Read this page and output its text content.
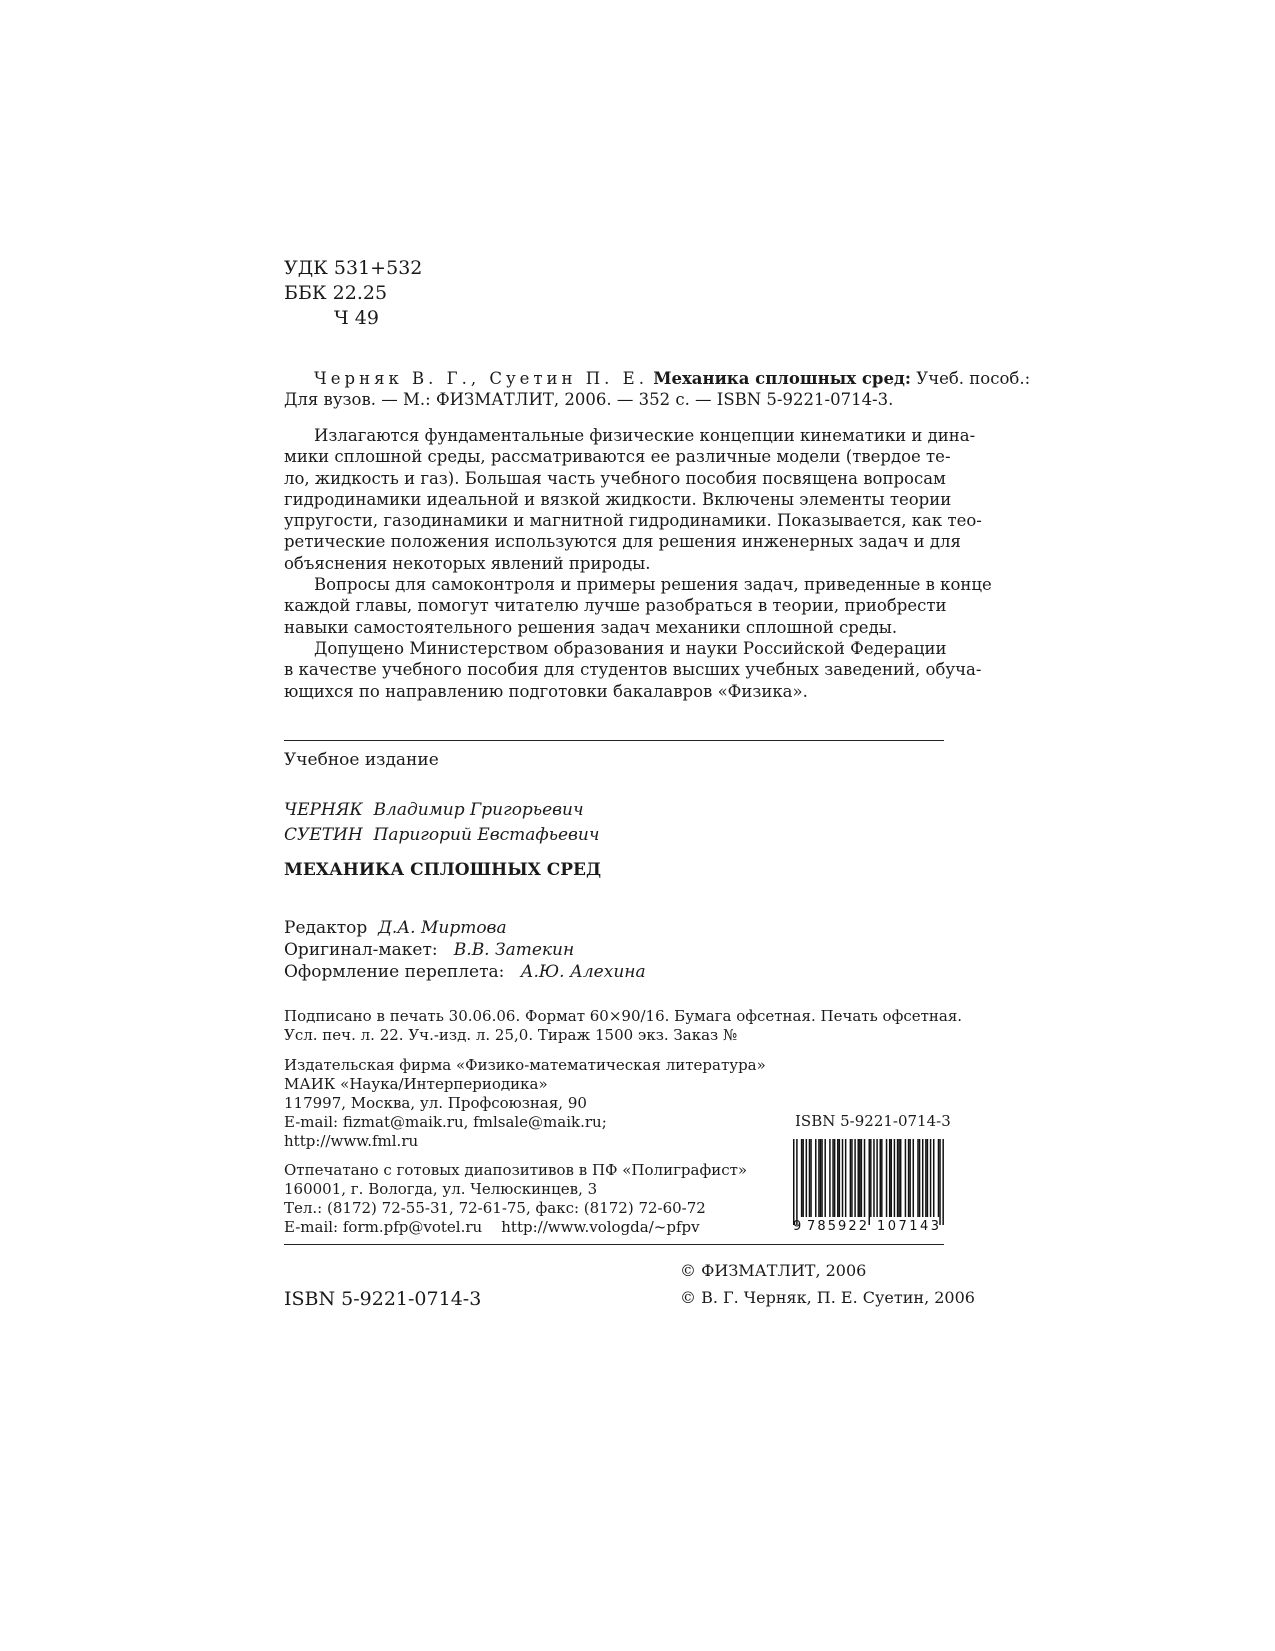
УДК 531+532
ББК 22.25
Ч 49
Черняк В. Г., Суетин П. Е. Механика сплошных сред: Учеб. пособ.:
Для вузов. — М.: ФИЗМАТЛИТ, 2006. — 352 с. — ISBN 5-9221-0714-3.
Излагаются фундаментальные физические концепции кинематики и дина-
мики сплошной среды, рассматриваются ее различные модели (твердое те-
ло, жидкость и газ). Большая часть учебного пособия посвящена вопросам
гидродинамики идеальной и вязкой жидкости. Включены элементы теории
упругости, газодинамики и магнитной гидродинамики. Показывается, как тео-
ретические положения используются для решения инженерных задач и для
объяснения некоторых явлений природы.
Вопросы для самоконтроля и примеры решения задач, приведенные в конце
каждой главы, помогут читателю лучше разобраться в теории, приобрести
навыки самостоятельного решения задач механики сплошной среды.
Допущено Министерством образования и науки Российской Федерации
в качестве учебного пособия для студентов высших учебных заведений, обуча-
ющихся по направлению подготовки бакалавров «Физика».
Учебное издание
ЧЕРНЯК Владимир Григорьевич
СУЕТИН Паригорий Евстафьевич
МЕХАНИКА СПЛОШНЫХ СРЕД
Редактор Д.А. Миртова
Оригинал-макет: В.В. Затекин
Оформление переплета: А.Ю. Алехина
Подписано в печать 30.06.06. Формат 60×90/16. Бумага офсетная. Печать офсетная.
Усл. печ. л. 22. Уч.-изд. л. 25,0. Тираж 1500 экз. Заказ №
Издательская фирма «Физико-математическая литература»
МАИК «Наука/Интерпериодика»
117997, Москва, ул. Профсоюзная, 90
E-mail: fizmat@maik.ru, fmlsale@maik.ru;
http://www.fml.ru
Отпечатано с готовых диапозитивов в ПФ «Полиграфист»
160001, г. Вологда, ул. Челюскинцев, 3
Тел.: (8172) 72-55-31, 72-61-75, факс: (8172) 72-60-72
E-mail: form.pfp@votel.ru http://www.vologda/~pfpv
ISBN 5-9221-0714-3
9 785922 107143
ISBN 5-9221-0714-3
© ФИЗМАТЛИТ, 2006
© В. Г. Черняк, П. Е. Суетин, 2006
